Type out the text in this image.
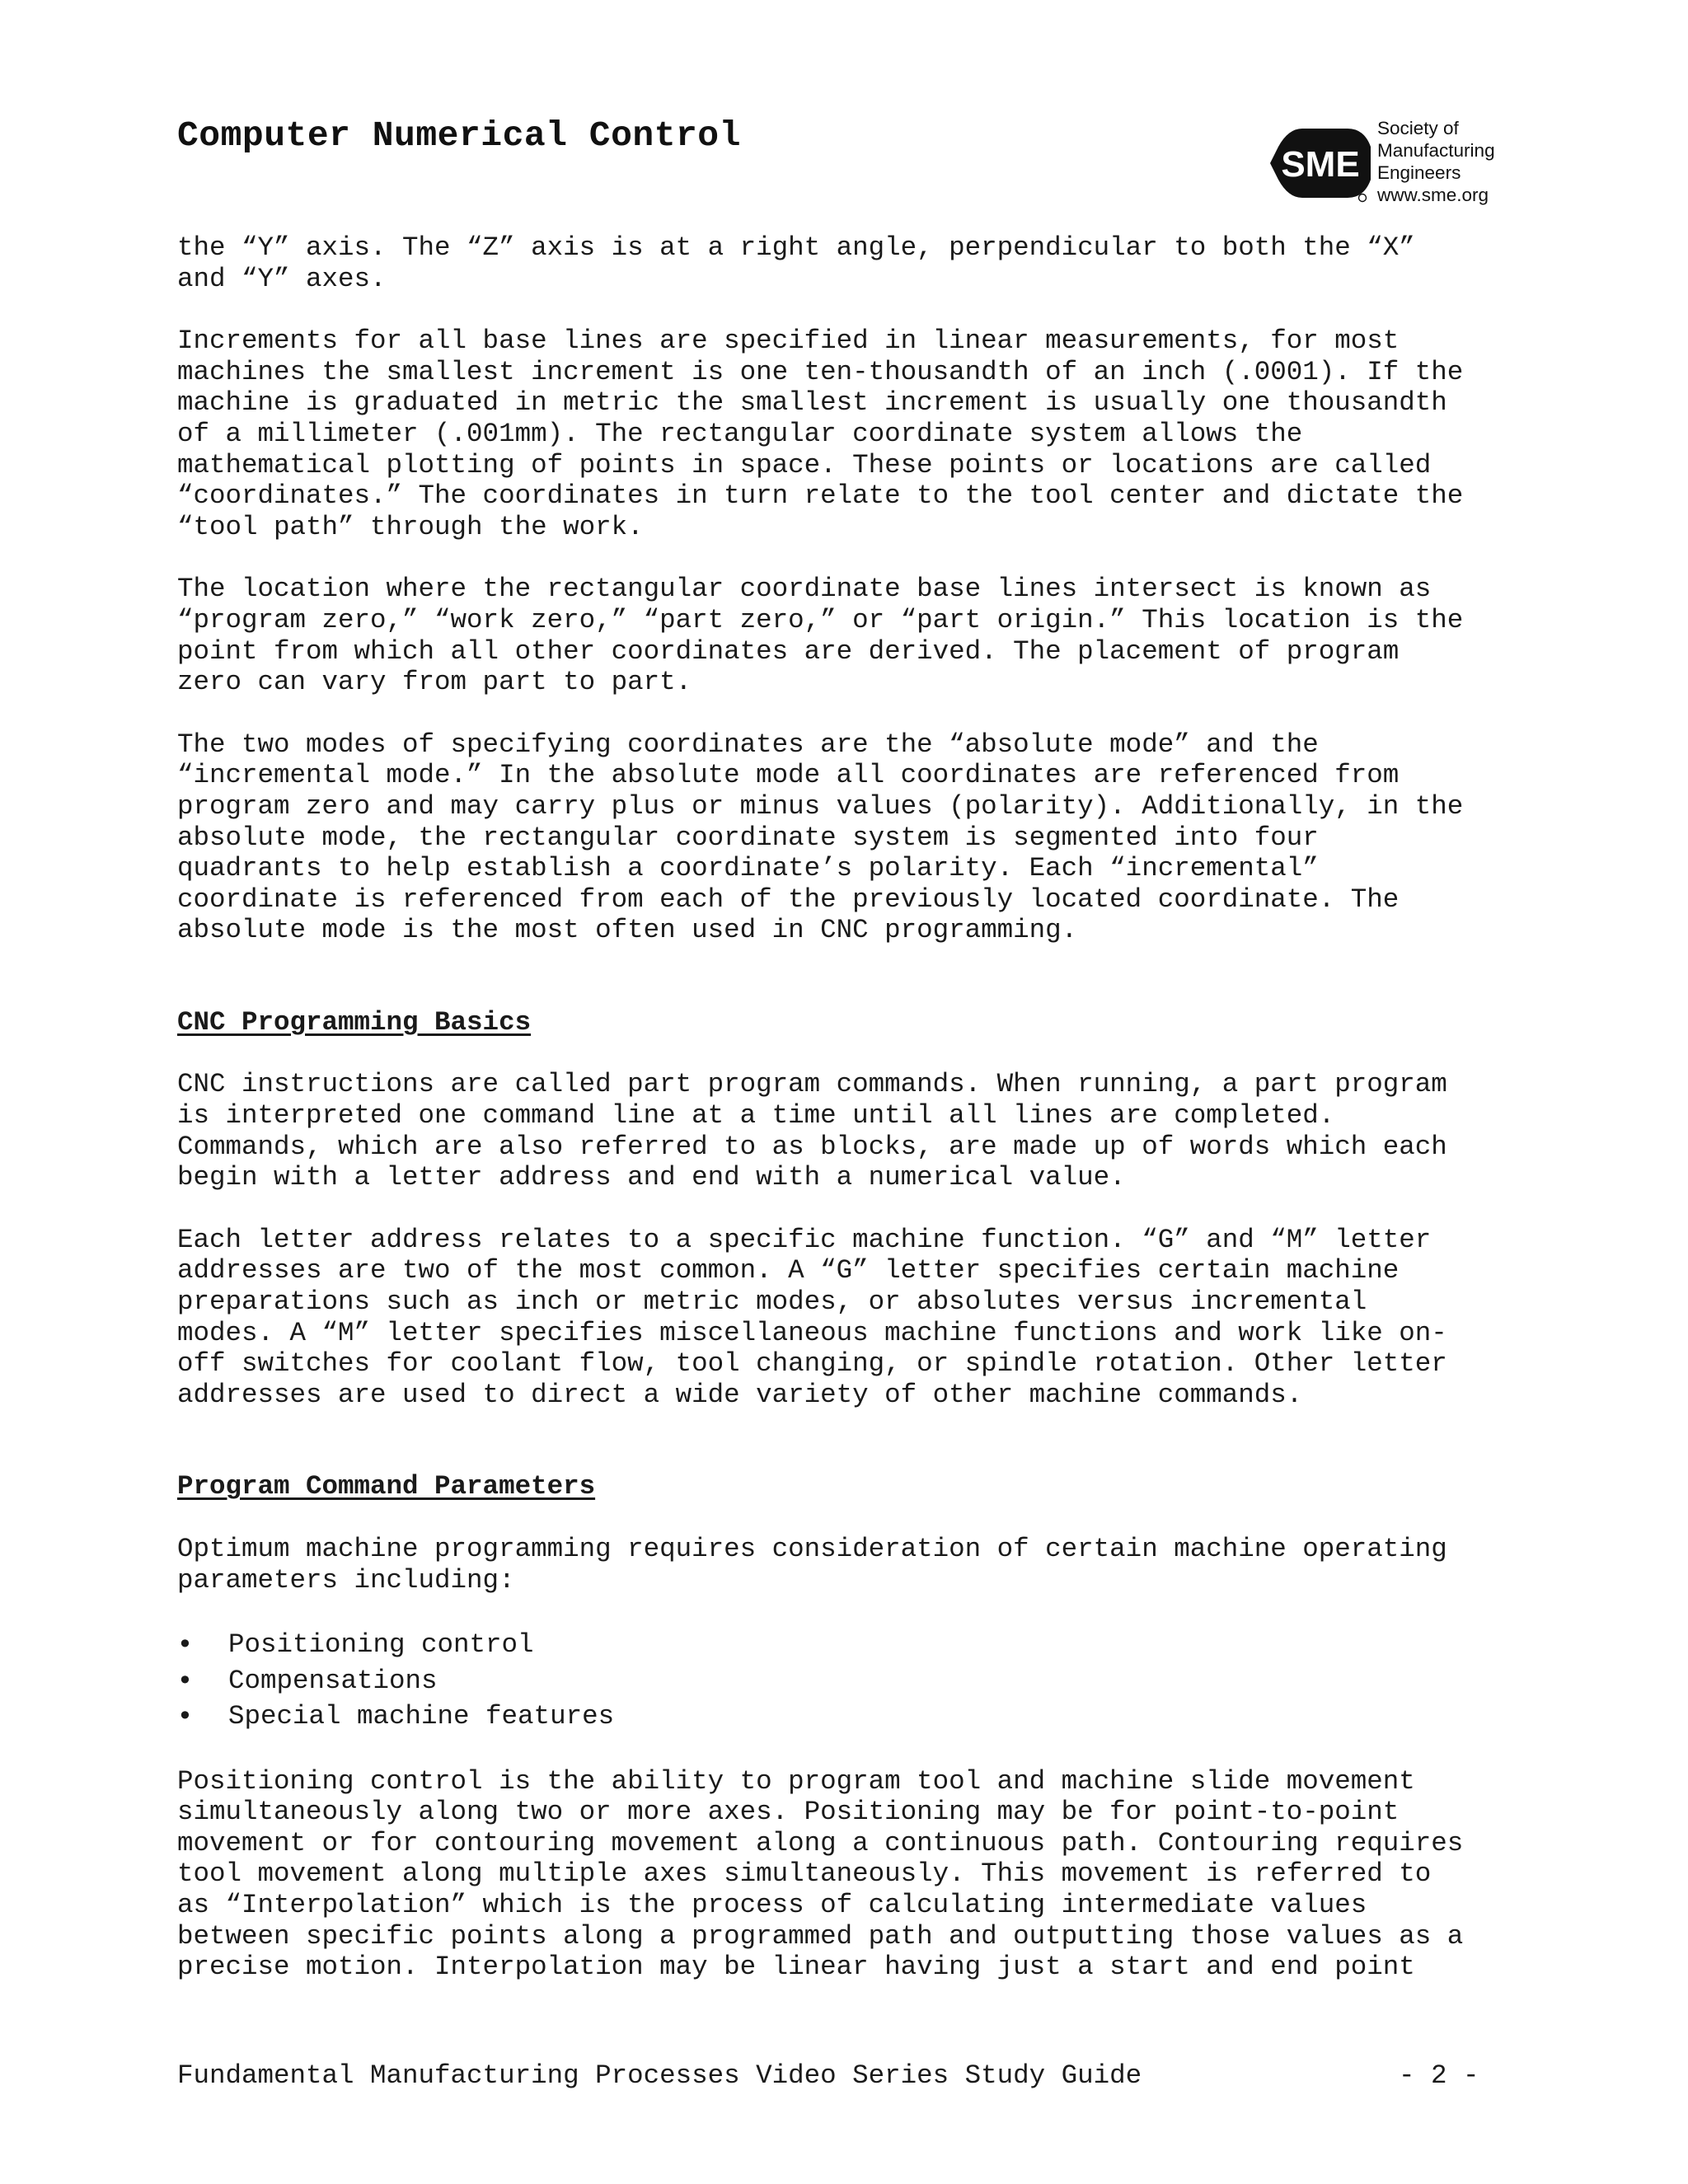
Computer Numerical Control
SME
Society of
Manufacturing
Engineers
www.sme.org
the “Y” axis. The “Z” axis is at a right angle, perpendicular to both the “X”
and “Y” axes.
Increments for all base lines are specified in linear measurements, for most
machines the smallest increment is one ten-thousandth of an inch (.0001). If the
machine is graduated in metric the smallest increment is usually one thousandth
of a millimeter (.001mm). The rectangular coordinate system allows the
mathematical plotting of points in space. These points or locations are called
“coordinates.” The coordinates in turn relate to the tool center and dictate the
“tool path” through the work.
The location where the rectangular coordinate base lines intersect is known as
“program zero,” “work zero,” “part zero,” or “part origin.” This location is the
point from which all other coordinates are derived. The placement of program
zero can vary from part to part.
The two modes of specifying coordinates are the “absolute mode” and the
“incremental mode.” In the absolute mode all coordinates are referenced from
program zero and may carry plus or minus values (polarity). Additionally, in the
absolute mode, the rectangular coordinate system is segmented into four
quadrants to help establish a coordinate’s polarity. Each “incremental”
coordinate is referenced from each of the previously located coordinate. The
absolute mode is the most often used in CNC programming.
CNC Programming Basics
CNC instructions are called part program commands. When running, a part program
is interpreted one command line at a time until all lines are completed.
Commands, which are also referred to as blocks, are made up of words which each
begin with a letter address and end with a numerical value.
Each letter address relates to a specific machine function. “G” and “M” letter
addresses are two of the most common. A “G” letter specifies certain machine
preparations such as inch or metric modes, or absolutes versus incremental
modes. A “M” letter specifies miscellaneous machine functions and work like on-
off switches for coolant flow, tool changing, or spindle rotation. Other letter
addresses are used to direct a wide variety of other machine commands.
Program Command Parameters
Optimum machine programming requires consideration of certain machine operating
parameters including:
• Positioning control
• Compensations
• Special machine features
Positioning control is the ability to program tool and machine slide movement
simultaneously along two or more axes. Positioning may be for point-to-point
movement or for contouring movement along a continuous path. Contouring requires
tool movement along multiple axes simultaneously. This movement is referred to
as “Interpolation” which is the process of calculating intermediate values
between specific points along a programmed path and outputting those values as a
precise motion. Interpolation may be linear having just a start and end point
Fundamental Manufacturing Processes Video Series Study Guide	- 2 -
